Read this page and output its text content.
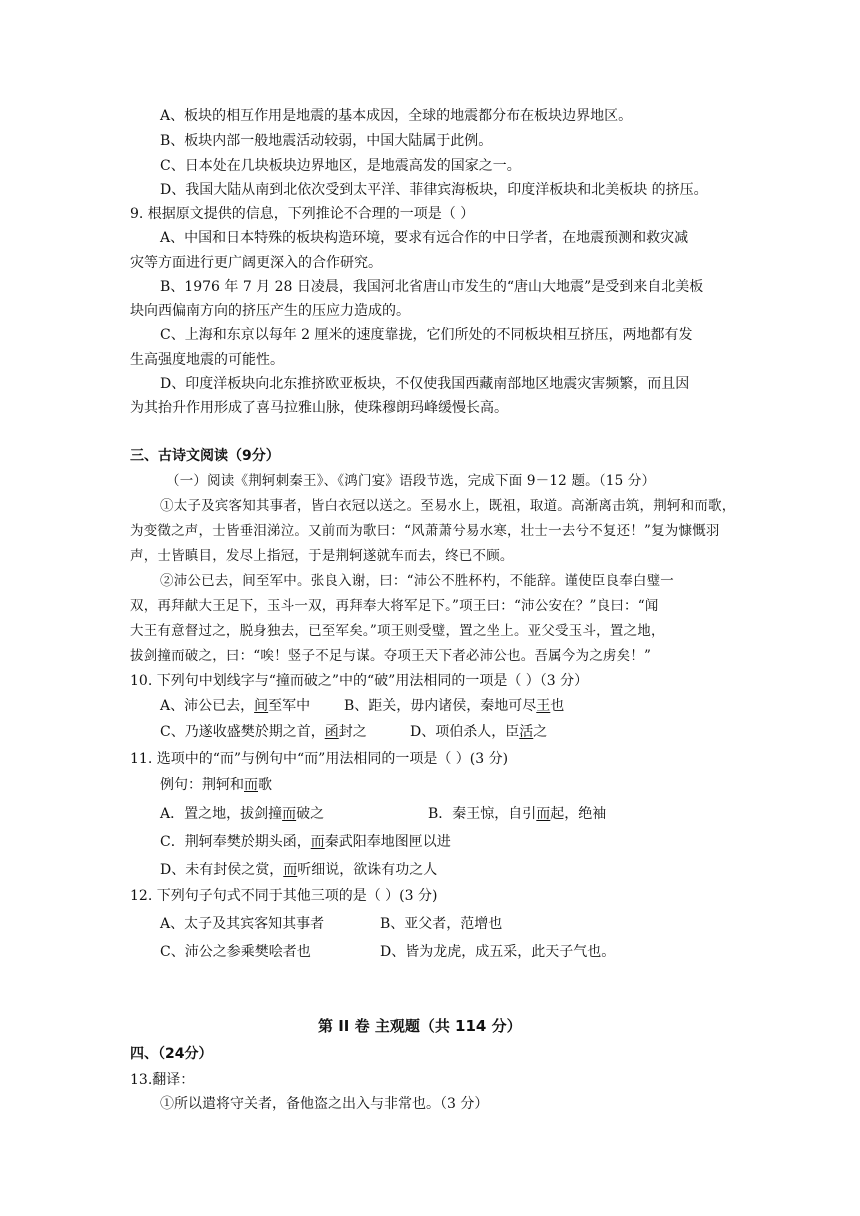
A、板块的相互作用是地震的基本成因，全球的地震都分布在板块边界地区。
B、板块内部一般地震活动较弱，中国大陆属于此例。
C、日本处在几块板块边界地区，是地震高发的国家之一。
D、我国大陆从南到北依次受到太平洋、菲律宾海板块，印度洋板块和北美板块 的挤压。
9. 根据原文提供的信息，下列推论不合理的一项是（ ）
A、中国和日本特殊的板块构造环境，要求有远合作的中日学者，在地震预测和救灾减
灾等方面进行更广阔更深入的合作研究。
B、1976 年 7 月 28 日凌晨，我国河北省唐山市发生的“唐山大地震”是受到来自北美板
块向西偏南方向的挤压产生的压应力造成的。
C、上海和东京以每年 2 厘米的速度靠拢，它们所处的不同板块相互挤压，两地都有发
生高强度地震的可能性。
D、印度洋板块向北东推挤欧亚板块，不仅使我国西藏南部地区地震灾害频繁，而且因
为其抬升作用形成了喜马拉雅山脉，使珠穆朗玛峰缓慢长高。
三、古诗文阅读（9分）
（一）阅读《荆轲刺秦王》、《鸿门宴》语段节选，完成下面 9－12 题。（15 分）
①太子及宾客知其事者，皆白衣冠以送之。至易水上，既祖，取道。高渐离击筑，荆轲和而歌，
为变徵之声，士皆垂泪涕泣。又前而为歌曰：“风萧萧兮易水寒，壮士一去兮不复还！”复为慷慨羽
声，士皆瞋目，发尽上指冠，于是荆轲遂就车而去，终已不顾。
②沛公已去，间至军中。张良入谢，曰：“沛公不胜杯杓，不能辞。谨使臣良奉白璧一
双，再拜献大王足下，玉斗一双，再拜奉大将军足下。”项王曰：“沛公安在？”良曰：“闻
大王有意督过之，脱身独去，已至军矣。”项王则受璧，置之坐上。亚父受玉斗，置之地，
拔剑撞而破之，曰：“唉！竖子不足与谋。夺项王天下者必沛公也。吾属今为之虏矣！”
10. 下列句中划线字与“撞而破之”中的“破”用法相同的一项是（ ）（3 分）
A、沛公已去，间至军中 B、距关，毋内诸侯，秦地可尽王也
C、乃遂收盛樊於期之首，函封之	D、项伯杀人，臣活之
11. 选项中的“而”与例句中“而”用法相同的一项是（ ）(3 分)
例句：荆轲和而歌
A．置之地，拔剑撞而破之	B．秦王惊，自引而起，绝袖
C．荆轲奉樊於期头函，而秦武阳奉地图匣以进
D、未有封侯之赏，而听细说，欲诛有功之人
12. 下列句子句式不同于其他三项的是（ ）(3 分)
A、太子及其宾客知其事者	B、亚父者，范增也
C、沛公之参乘樊哙者也	D、皆为龙虎，成五采，此天子气也。
第 II 卷 主观题（共 114 分）
四、（24分）
13.翻译：
①所以遣将守关者，备他盗之出入与非常也。（3 分）
